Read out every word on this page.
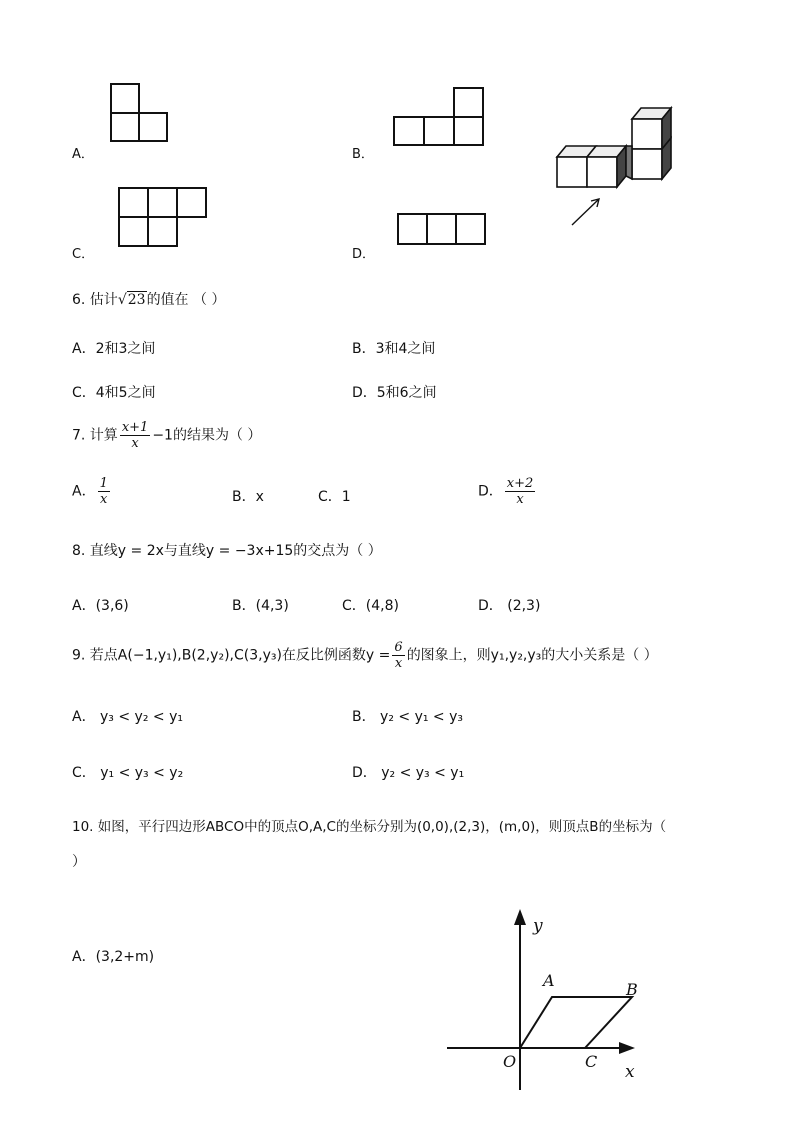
A．	B．
C．	D．
6. 估计√23的值在 （ ）
A．2和3之间	B．3和4之间
C．4和5之间	D．5和6之间
7. 计算 $\frac{x+1}{x} -1$的结果为（ ）
A． $\frac{1}{x}$	B．x	C．1	D． $\frac{x+2}{x}$
8. 直线y = 2x与直线y = −3x+15的交点为（ ）
A．(3,6)	B．(4,3)	C．(4,8)	D． (2,3)
9. 若点A(−1,y₁),B(2,y₂),C(3,y₃)在反比例函数$y = \frac{6}{x}$ 的图象上，则y₁,y₂,y₃的大小关系是（ ）
A． y₃ < y₂ < y₁	B． y₂ < y₁ < y₃
C． y₁ < y₃ < y₂	D． y₂ < y₃ < y₁
10. 如图，平行四边形ABCO中的顶点O,A,C的坐标分别为(0,0),(2,3)，(m,0)，则顶点B的坐标为（
）
A．(3,2+m)
y
x
A	B
O	C
